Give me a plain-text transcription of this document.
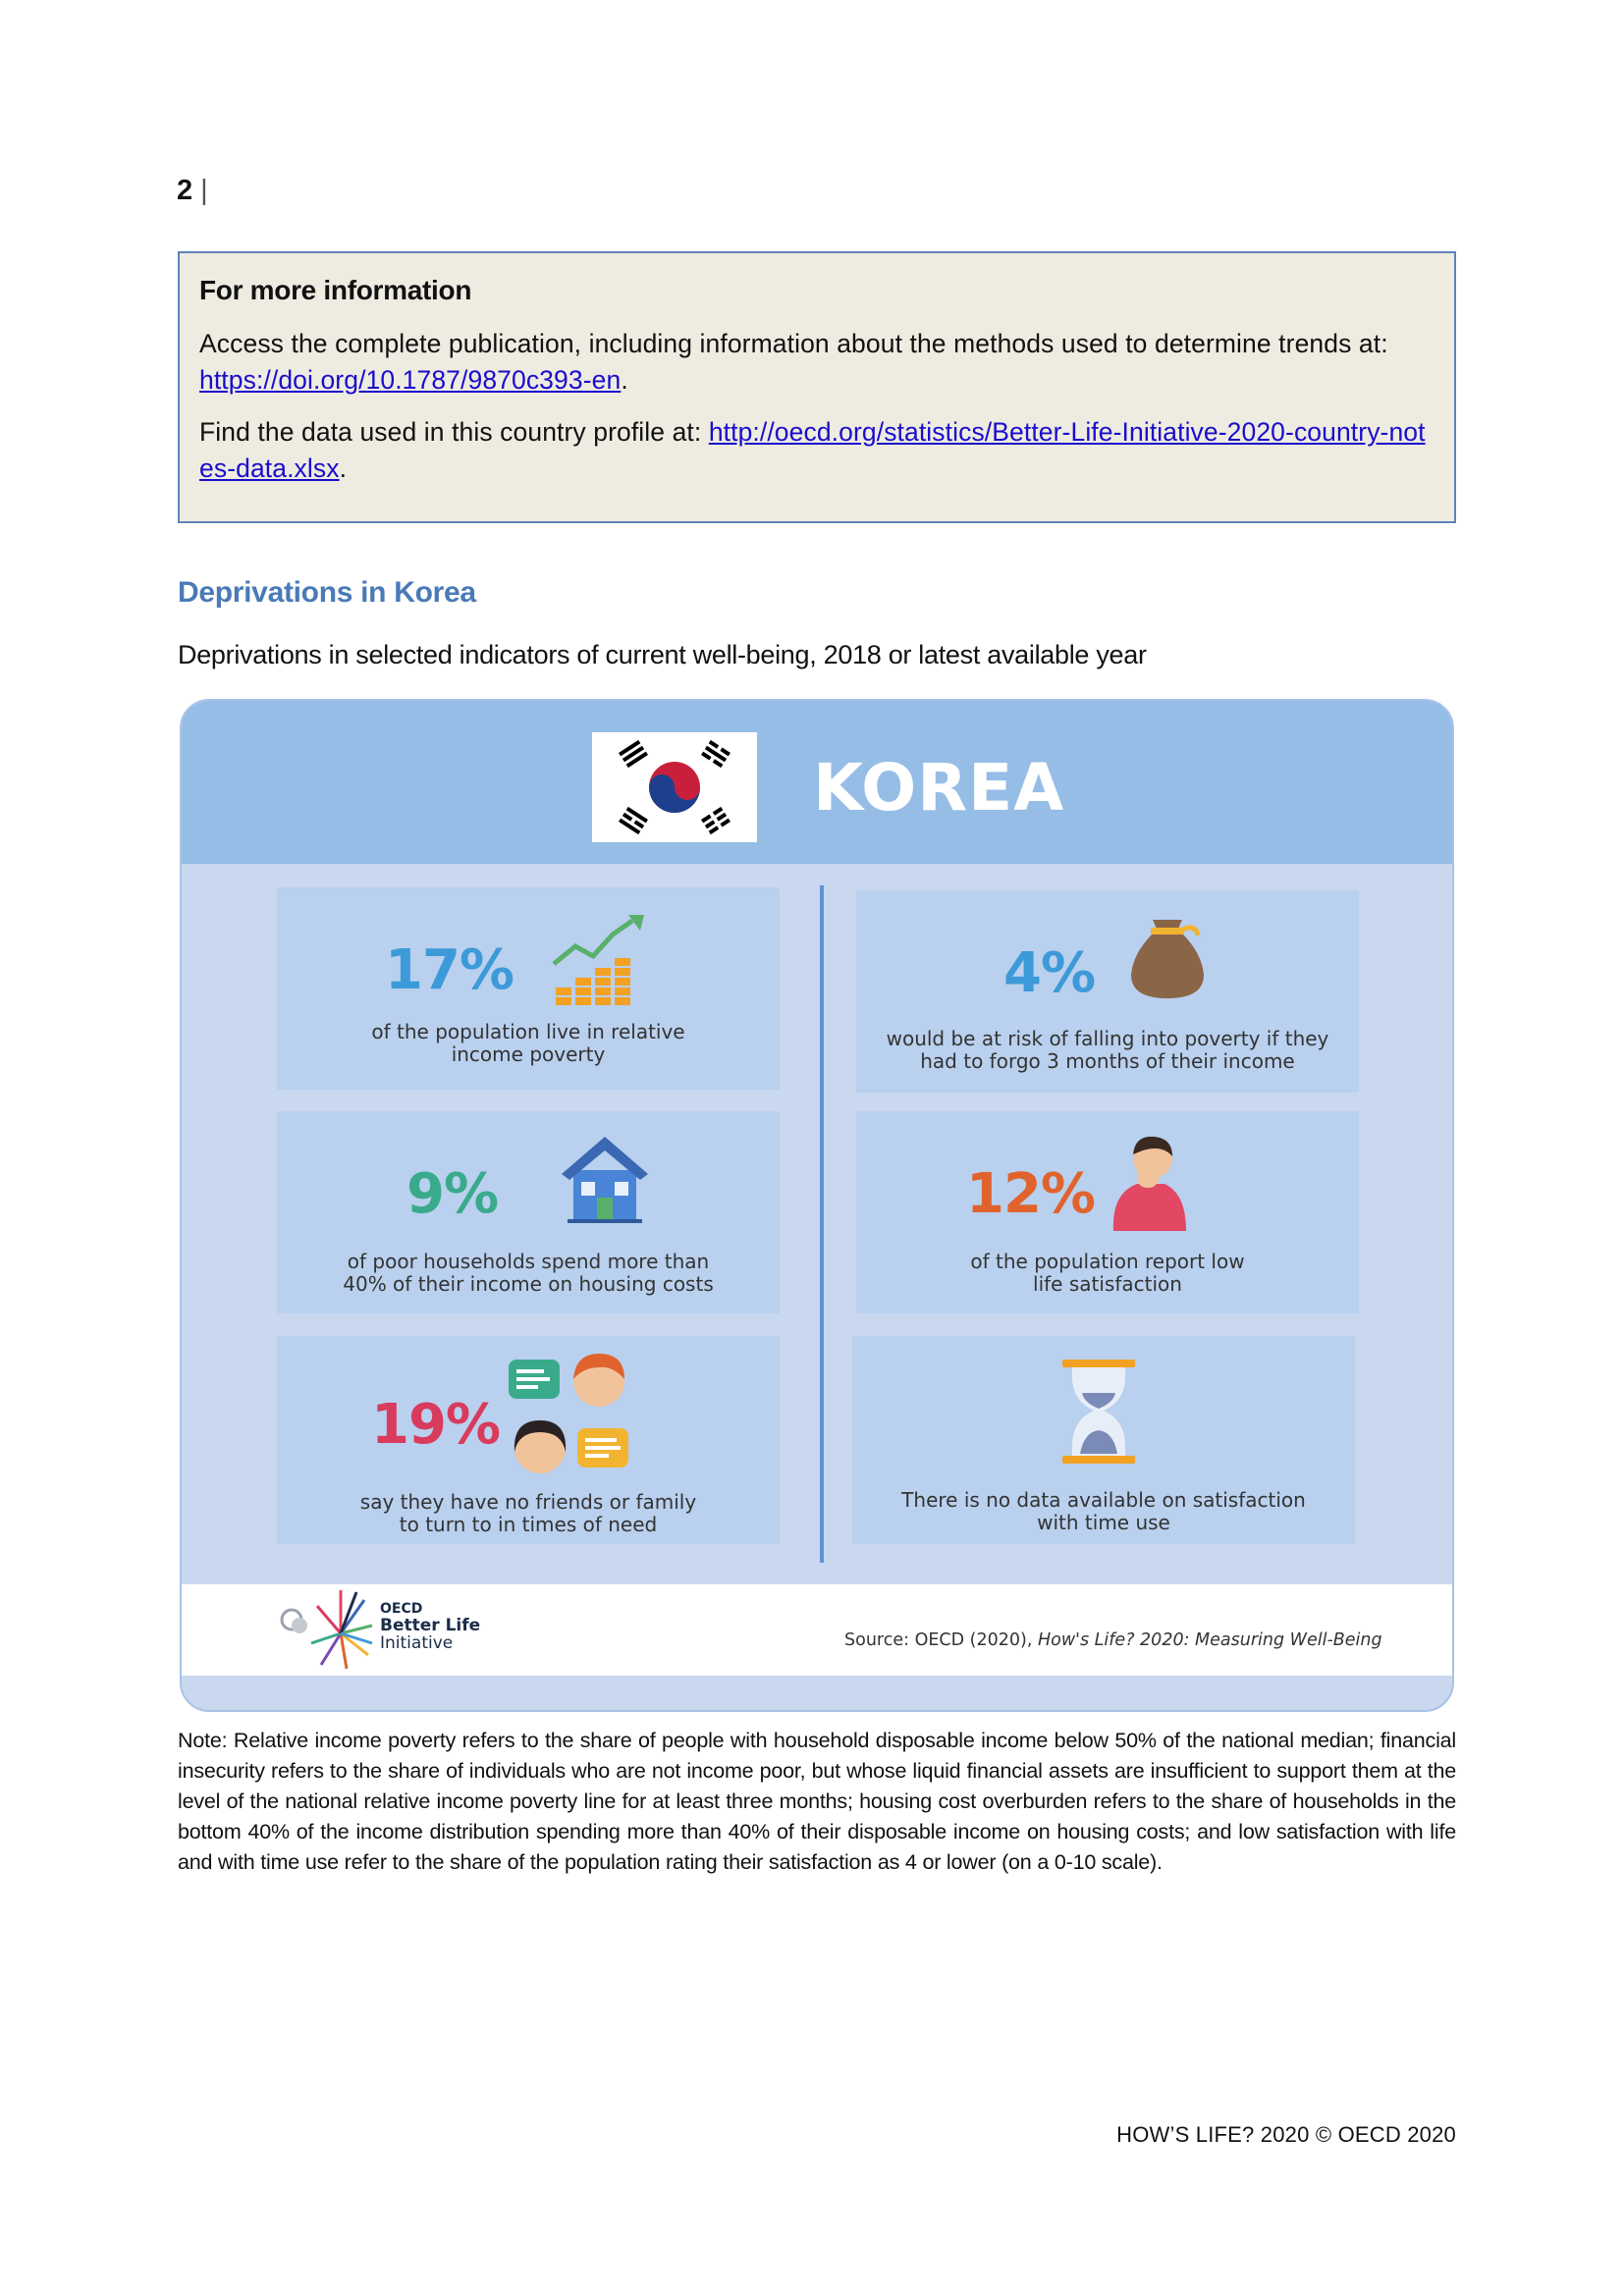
2 |
For more information

Access the complete publication, including information about the methods used to determine trends at: https://doi.org/10.1787/9870c393-en.

Find the data used in this country profile at: http://oecd.org/statistics/Better-Life-Initiative-2020-country-notes-data.xlsx.

Deprivations in Korea
Deprivations in selected indicators of current well-being, 2018 or latest available year
KOREA
17%
of the population live in relative
income poverty
4%
would be at risk of falling into poverty if they
had to forgo 3 months of their income
9%
of poor households spend more than
40% of their income on housing costs
12%
of the population report low
life satisfaction
19%
say they have no friends or family
to turn to in times of need
There is no data available on satisfaction
with time use
OECD
Better Life
Initiative	Source: OECD (2020), How's Life? 2020: Measuring Well-Being
Note: Relative income poverty refers to the share of people with household disposable income below 50% of the national median; financial insecurity refers to the share of individuals who are not income poor, but whose liquid financial assets are insufficient to support them at the level of the national relative income poverty line for at least three months; housing cost overburden refers to the share of households in the bottom 40% of the income distribution spending more than 40% of their disposable income on housing costs; and low satisfaction with life and with time use refer to the share of the population rating their satisfaction as 4 or lower (on a 0-10 scale).
HOW’S LIFE? 2020 © OECD 2020
